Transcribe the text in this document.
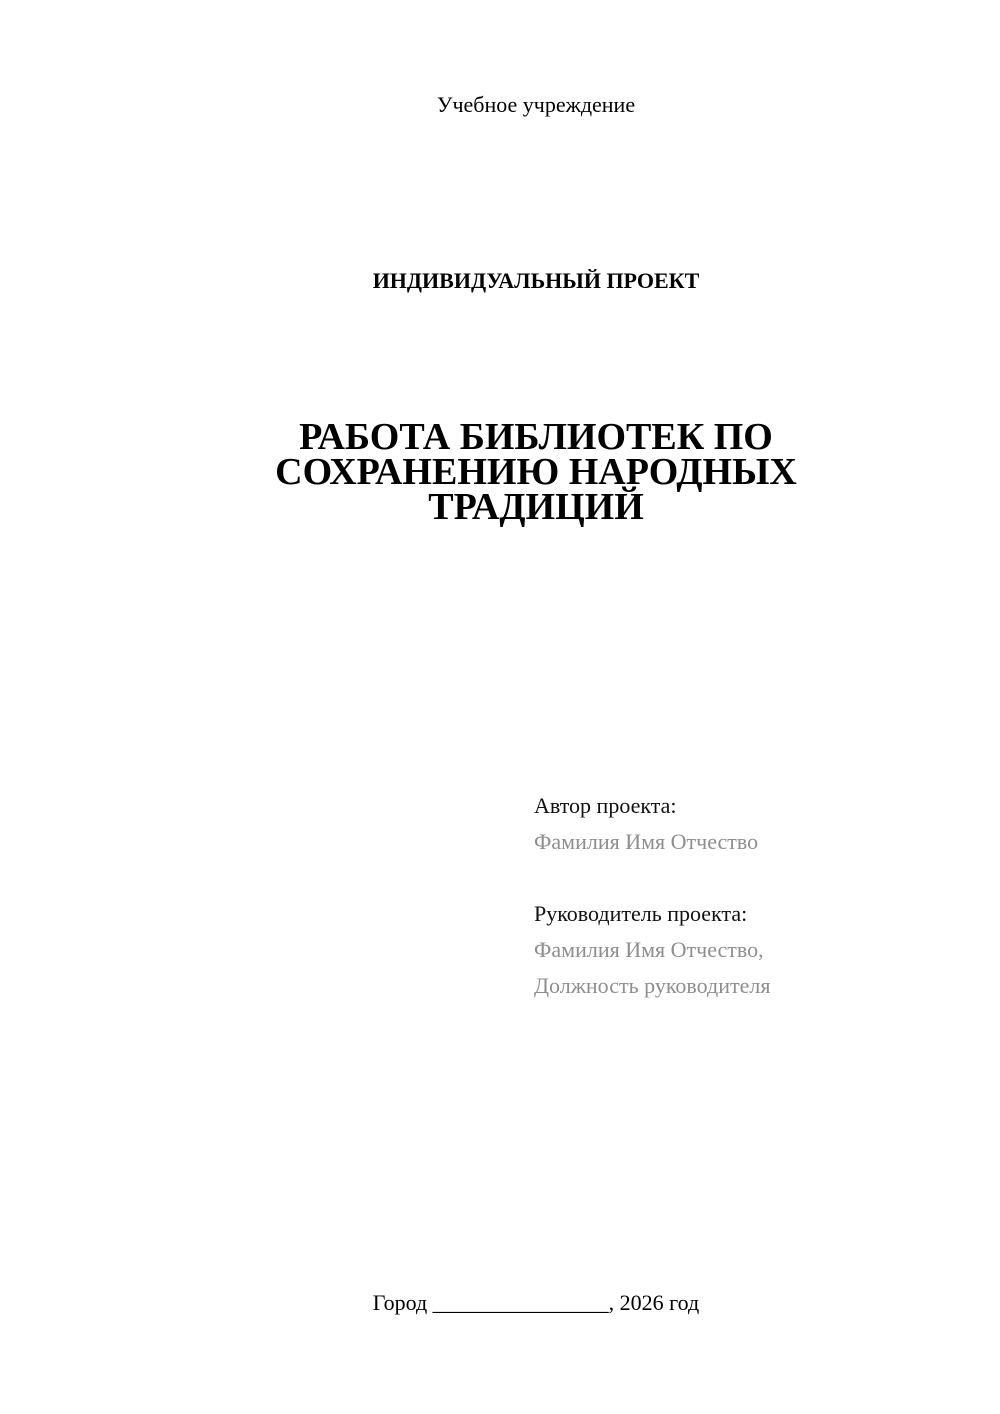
Учебное учреждение
ИНДИВИДУАЛЬНЫЙ ПРОЕКТ
РАБОТА БИБЛИОТЕК ПО
СОХРАНЕНИЮ НАРОДНЫХ
ТРАДИЦИЙ
Автор проекта:
Фамилия Имя Отчество
Руководитель проекта:
Фамилия Имя Отчество,
Должность руководителя
Город ________________, 2026 год
